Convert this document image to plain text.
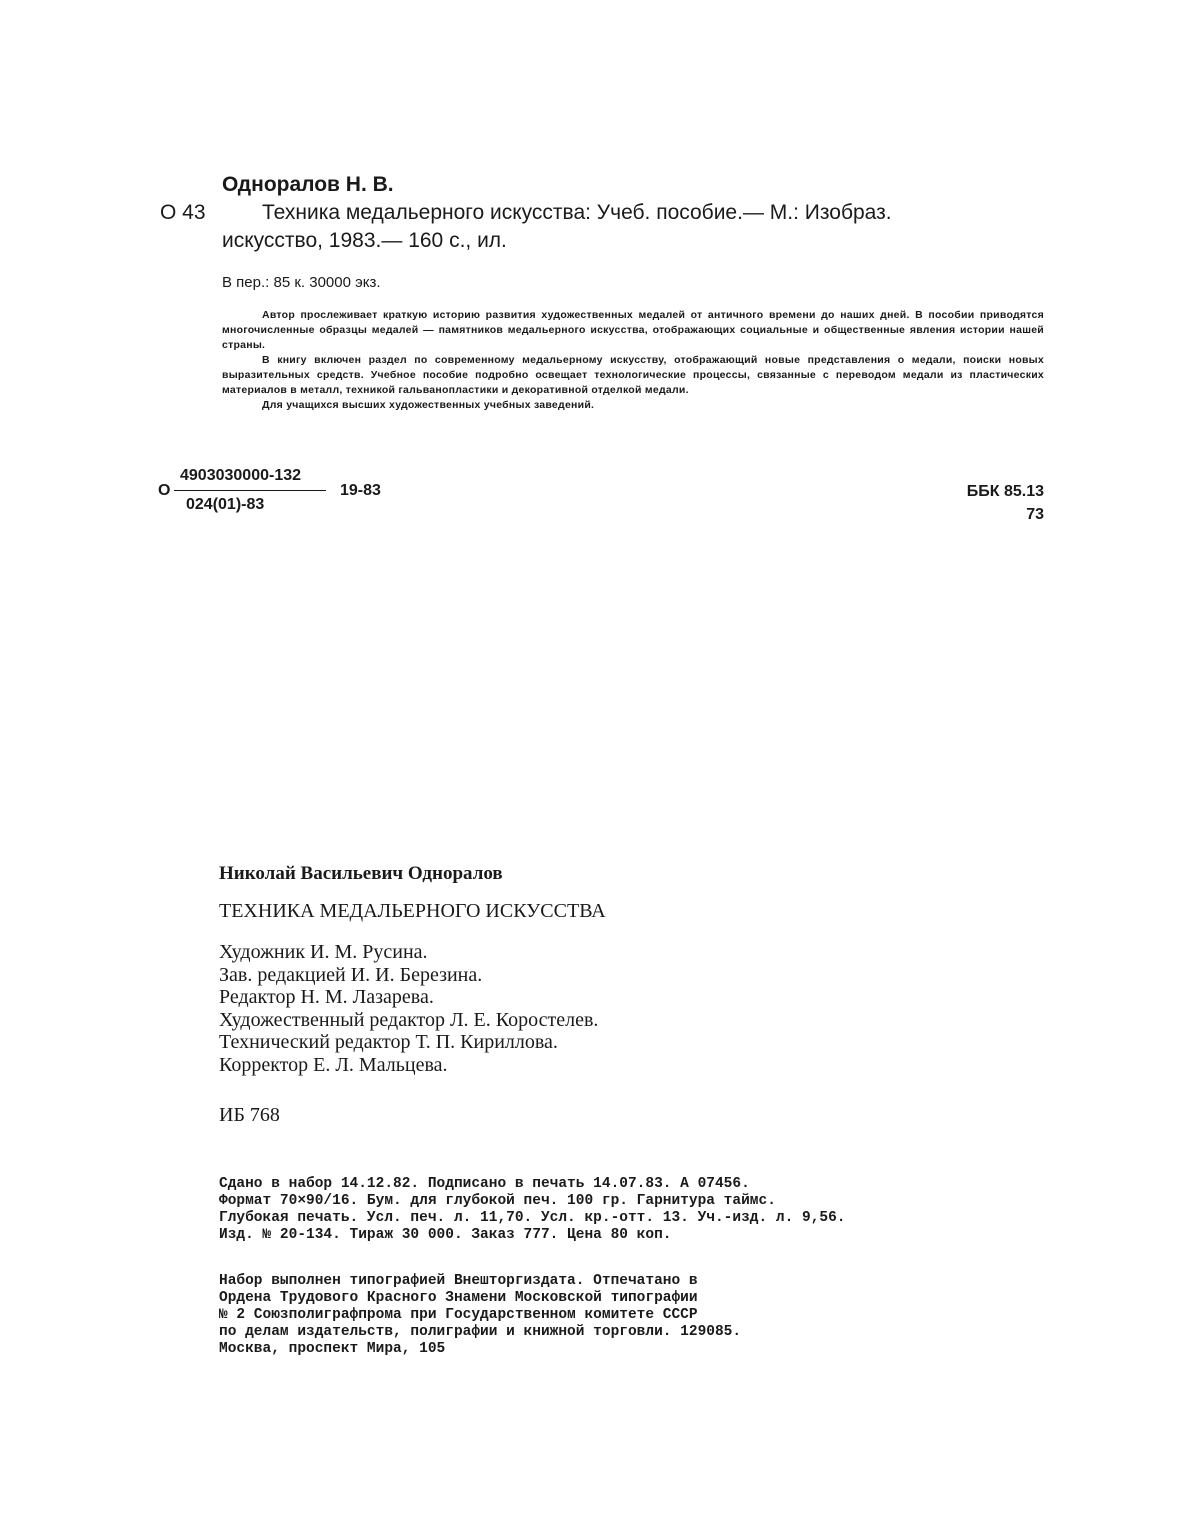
Одноралов Н. В.
О 43	Техника медальерного искусства: Учеб. пособие.— М.: Изобраз.
искусство, 1983.— 160 с., ил.
В пер.: 85 к. 30000 экз.

Автор прослеживает краткую историю развития художественных медалей от античного времени до наших дней. В пособии приводятся многочисленные образцы медалей — памятников медальерного искусства, отображающих социальные и общественные явления истории нашей страны.

В книгу включен раздел по современному медальерному искусству, отображающий новые представления о медали, поиски новых выразительных средств. Учебное пособие подробно освещает технологические процессы, связанные с переводом медали из пластических материалов в металл, техникой гальванопластики и декоративной отделкой медали.

Для учащихся высших художественных учебных заведений.

О
4903030000-132
024(01)-83
19-83	ББК 85.13
73
Николай Васильевич Одноралов
ТЕХНИКА МЕДАЛЬЕРНОГО ИСКУССТВА
Художник И. М. Русина.
Зав. редакцией И. И. Березина.
Редактор Н. М. Лазарева.
Художественный редактор Л. Е. Коростелев.
Технический редактор Т. П. Кириллова.
Корректор Е. Л. Мальцева.
ИБ 768
Сдано в набор 14.12.82. Подписано в печать 14.07.83. А 07456.
Формат 70×90/16. Бум. для глубокой печ. 100 гр. Гарнитура таймс.
Глубокая печать. Усл. печ. л. 11,70. Усл. кр.-отт. 13. Уч.-изд. л. 9,56.
Изд. № 20-134. Тираж 30 000. Заказ 777. Цена 80 коп.
Набор выполнен типографией Внешторгиздата. Отпечатано в
Ордена Трудового Красного Знамени Московской типографии
№ 2 Союзполиграфпрома при Государственном комитете СССР
по делам издательств, полиграфии и книжной торговли. 129085.
Москва, проспект Мира, 105
